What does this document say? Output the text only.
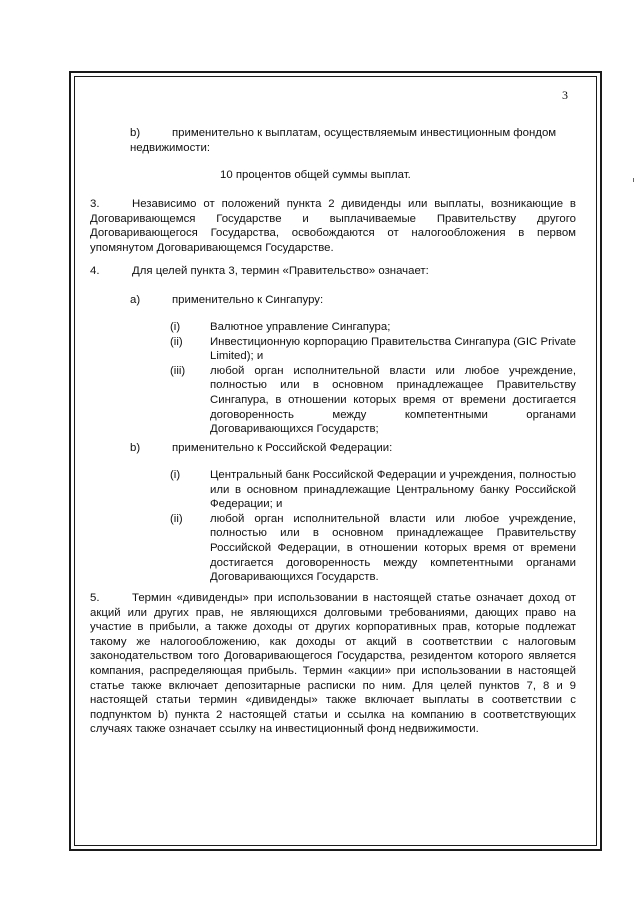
3
b)	применительно к выплатам, осуществляемым инвестиционным фондом
недвижимости:
10 процентов общей суммы выплат.
3.	Независимо от положений пункта 2 дивиденды или выплаты, возникающие в Договаривающемся Государстве и выплачиваемые Правительству другого Договаривающегося Государства, освобождаются от налогообложения в первом упомянутом Договаривающемся Государстве.
4.	Для целей пункта 3, термин «Правительство» означает:
a)	применительно к Сингапуру:
(i)	Валютное управление Сингапура;
(ii)	Инвестиционную корпорацию Правительства Сингапура (GIC Private Limited); и
(iii)	любой орган исполнительной власти или любое учреждение, полностью или в основном принадлежащее Правительству Сингапура, в отношении которых время от времени достигается договоренность между компетентными органами Договаривающихся Государств;
b)	применительно к Российской Федерации:
(i)	Центральный банк Российской Федерации и учреждения, полностью или в основном принадлежащие Центральному банку Российской Федерации; и
(ii)	любой орган исполнительной власти или любое учреждение, полностью или в основном принадлежащее Правительству Российской Федерации, в отношении которых время от времени достигается договоренность между компетентными органами Договаривающихся Государств.
5.	Термин «дивиденды» при использовании в настоящей статье означает доход от акций или других прав, не являющихся долговыми требованиями, дающих право на участие в прибыли, а также доходы от других корпоративных прав, которые подлежат такому же налогообложению, как доходы от акций в соответствии с налоговым законодательством того Договаривающегося Государства, резидентом которого является компания, распределяющая прибыль. Термин «акции» при использовании в настоящей статье также включает депозитарные расписки по ним. Для целей пунктов 7, 8 и 9 настоящей статьи термин «дивиденды» также включает выплаты в соответствии с подпунктом b) пункта 2 настоящей статьи и ссылка на компанию в соответствующих случаях также означает ссылку на инвестиционный фонд недвижимости.
